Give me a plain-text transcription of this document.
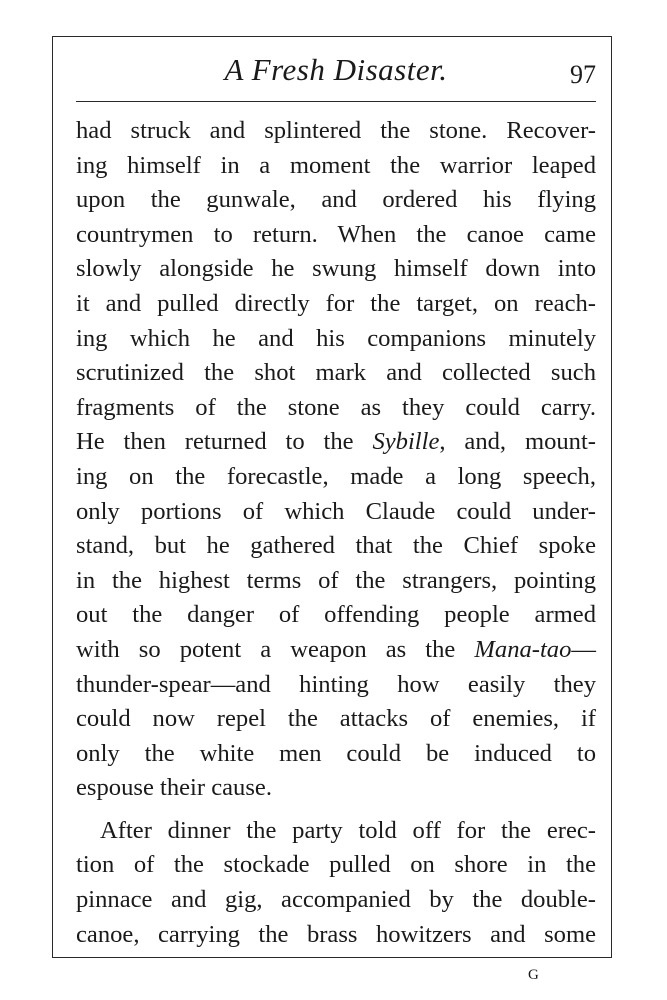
A Fresh Disaster.	97
had struck and splintered the stone. Recover-
ing himself in a moment the warrior leaped
upon the gunwale, and ordered his flying
countrymen to return. When the canoe came
slowly alongside he swung himself down into
it and pulled directly for the target, on reach-
ing which he and his companions minutely
scrutinized the shot mark and collected such
fragments of the stone as they could carry.
He then returned to the Sybille, and, mount-
ing on the forecastle, made a long speech,
only portions of which Claude could under-
stand, but he gathered that the Chief spoke
in the highest terms of the strangers, pointing
out the danger of offending people armed
with so potent a weapon as the Mana-tao—
thunder-spear—and hinting how easily they
could now repel the attacks of enemies, if
only the white men could be induced to
espouse their cause.
After dinner the party told off for the erec-
tion of the stockade pulled on shore in the
pinnace and gig, accompanied by the double-
canoe, carrying the brass howitzers and some
G
